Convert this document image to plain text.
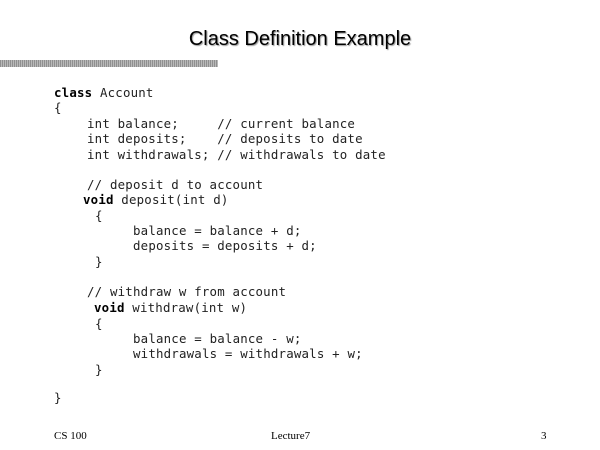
Class Definition Example
class Account
{
int balance;     // current balance
int deposits;    // deposits to date
int withdrawals; // withdrawals to date
// deposit d to account
void deposit(int d)
{
balance = balance + d;
deposits = deposits + d;
}
// withdraw w from account
void withdraw(int w)
{
balance = balance - w;
withdrawals = withdrawals + w;
}
}
CS 100	Lecture7	3
